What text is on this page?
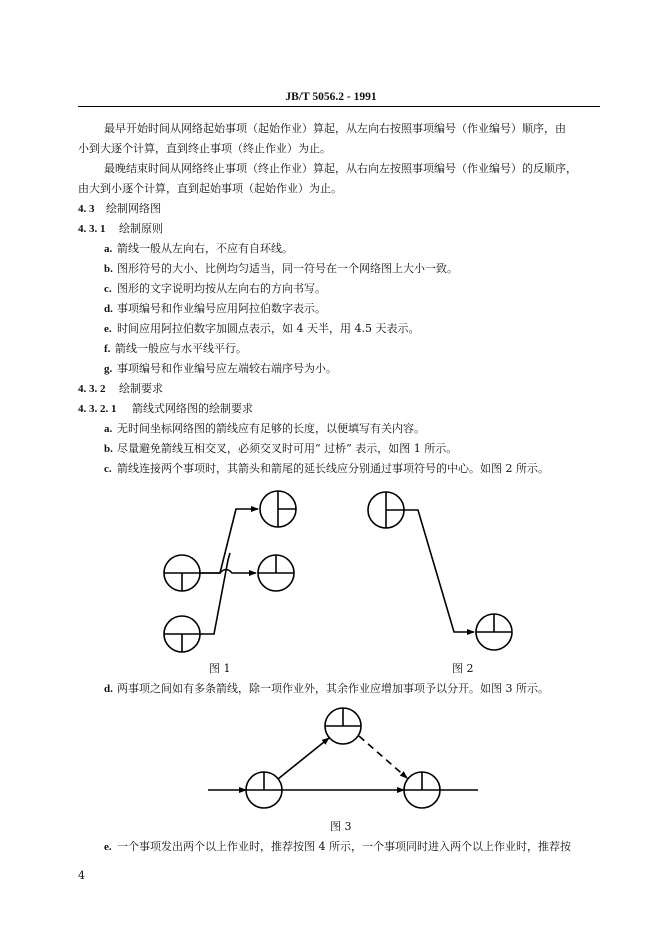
JB/T 5056.2 - 1991
最早开始时间从网络起始事项（起始作业）算起，从左向右按照事项编号（作业编号）顺序，由
小到大逐个计算，直到终止事项（终止作业）为止。
最晚结束时间从网络终止事项（终止作业）算起，从右向左按照事项编号（作业编号）的反顺序，
由大到小逐个计算，直到起始事项（起始作业）为止。
4. 3 绘制网络图
4. 3. 1 绘制原则
a. 箭线一般从左向右，不应有自环线。
b. 图形符号的大小、比例均匀适当，同一符号在一个网络图上大小一致。
c. 图形的文字说明均按从左向右的方向书写。
d. 事项编号和作业编号应用阿拉伯数字表示。
e. 时间应用阿拉伯数字加圆点表示，如 4 天半，用 4.5 天表示。
f. 箭线一般应与水平线平行。
g. 事项编号和作业编号应左端较右端序号为小。
4. 3. 2 绘制要求
4. 3. 2. 1 箭线式网络图的绘制要求
a. 无时间坐标网络图的箭线应有足够的长度，以便填写有关内容。
b. 尽量避免箭线互相交叉，必须交叉时可用“ 过桥” 表示，如图 1 所示。
c. 箭线连接两个事项时，其箭头和箭尾的延长线应分别通过事项符号的中心。如图 2 所示。
图 1	图 2
d. 两事项之间如有多条箭线，除一项作业外，其余作业应增加事项予以分开。如图 3 所示。
图 3
e. 一个事项发出两个以上作业时，推荐按图 4 所示，一个事项同时进入两个以上作业时，推荐按
4
